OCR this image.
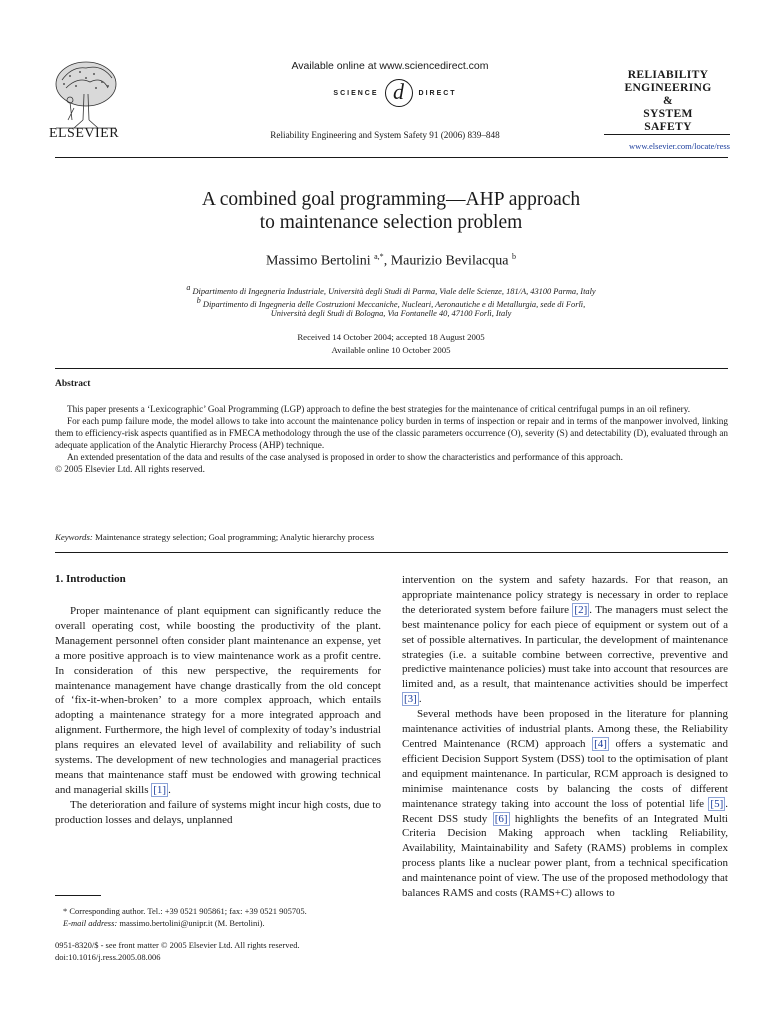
ELSEVIER
Available online at www.sciencedirect.com
SCIENCE d	DIRECT
Reliability Engineering and System Safety 91 (2006) 839–848
RELIABILITY
ENGINEERING
&
SYSTEM
SAFETY
www.elsevier.com/locate/ress
A combined goal programming—AHP approach
to maintenance selection problem
Massimo Bertolini $^{a,*}$, Maurizio Bevilacqua $^b$
$^a$ Dipartimento di Ingegneria Industriale, Università degli Studi di Parma, Viale delle Scienze, 181/A, 43100 Parma, Italy
$^b$ Dipartimento di Ingegneria delle Costruzioni Meccaniche, Nucleari, Aeronautiche e di Metallurgia, sede di Forlì,
Università degli Studi di Bologna, Via Fontanelle 40, 47100 Forlì, Italy
Received 14 October 2004; accepted 18 August 2005
Available online 10 October 2005
Abstract

This paper presents a ‘Lexicographic’ Goal Programming (LGP) approach to define the best strategies for the maintenance of critical centrifugal pumps in an oil refinery.

For each pump failure mode, the model allows to take into account the maintenance policy burden in terms of inspection or repair and in terms of the manpower involved, linking them to efficiency-risk aspects quantified as in FMECA methodology through the use of the classic parameters occurrence (O), severity (S) and detectability (D), evaluated through an adequate application of the Analytic Hierarchy Process (AHP) technique.

An extended presentation of the data and results of the case analysed is proposed in order to show the characteristics and performance of this approach.

© 2005 Elsevier Ltd. All rights reserved.

Keywords: Maintenance strategy selection; Goal programming; Analytic hierarchy process
1. Introduction

Proper maintenance of plant equipment can significantly reduce the overall operating cost, while boosting the productivity of the plant. Management personnel often consider plant maintenance an expense, yet a more positive approach is to view maintenance work as a profit centre. In consideration of this new perspective, the requirements for maintenance management have change drastically from the old concept of ‘fix-it-when-broken’ to a more complex approach, which entails adopting a maintenance strategy for a more integrated approach and alignment. Furthermore, the high level of complexity of today’s industrial plans requires an elevated level of availability and reliability of such systems. The development of new technologies and managerial practices means that maintenance staff must be endowed with growing technical and managerial skills [1] .

The deterioration and failure of systems might incur high costs, due to production losses and delays, unplanned

intervention on the system and safety hazards. For that reason, an appropriate maintenance policy strategy is necessary in order to replace the deteriorated system before failure [2] . The managers must select the best maintenance policy for each piece of equipment or system out of a set of possible alternatives. In particular, the development of maintenance strategies (i.e. a suitable combine between corrective, preventive and predictive maintenance policies) must take into account that resources are limited and, as a result, that maintenance activities should be imperfect [3] .

Several methods have been proposed in the literature for planning maintenance activities of industrial plants. Among these, the Reliability Centred Maintenance (RCM) approach [4] offers a systematic and efficient Decision Support System (DSS) tool to the optimisation of plant and equipment maintenance. In particular, RCM approach is designed to minimise maintenance costs by balancing the costs of different maintenance strategy taking into account the loss of potential life [5] . Recent DSS study [6] highlights the benefits of an Integrated Multi Criteria Decision Making approach when tackling Reliability, Availability, Maintainability and Safety (RAMS) problems in complex process plants like a nuclear power plant, from a technical specification and maintenance point of view. The use of the proposed methodology that balances RAMS and costs (RAMS+C) allows to

* Corresponding author. Tel.: +39 0521 905861; fax: +39 0521 905705.
E-mail address: massimo.bertolini@unipr.it (M. Bertolini).
0951-8320/$ - see front matter © 2005 Elsevier Ltd. All rights reserved.
doi:10.1016/j.ress.2005.08.006
